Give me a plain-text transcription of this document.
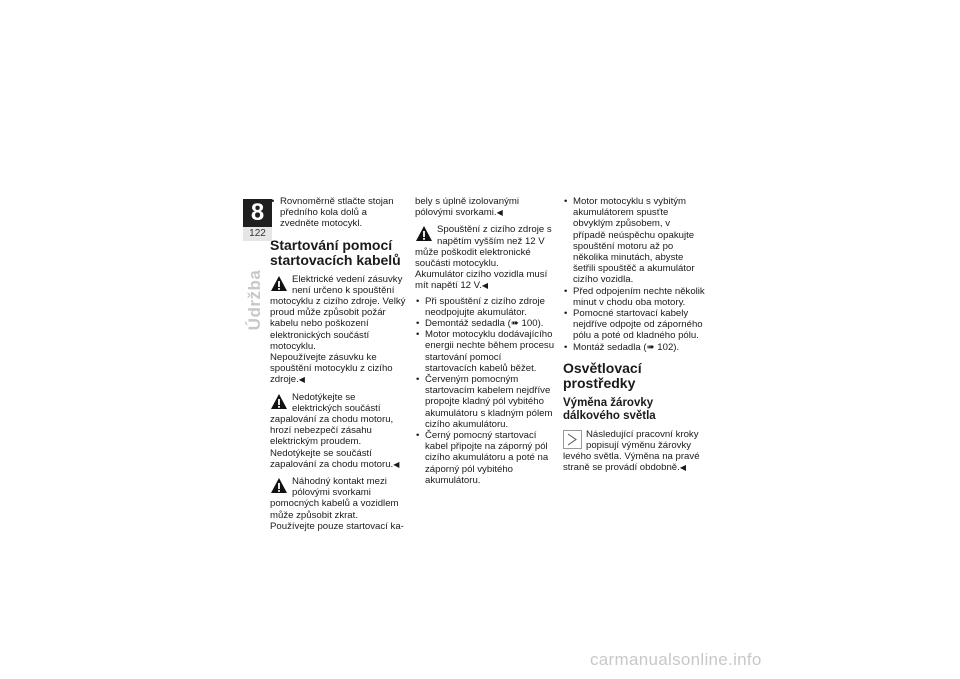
8
122
Údržba
• Rovnoměrně stlačte stojan předního kola dolů a zvedněte motocykl.
Startování pomocí startovacích kabelů

Elektrické vedení zásuvky není určeno k spouštění motocyklu z cizího zdroje. Velký proud může způsobit požár kabelu nebo poškození elektronických součástí motocyklu.

Nepoužívejte zásuvku ke spouštění motocyklu z cizího zdroje.◀

Nedotýkejte se elektrických součástí zapalování za chodu motoru, hrozí nebezpečí zásahu elektrickým proudem.

Nedotýkejte se součástí zapalování za chodu motoru.◀

Náhodný kontakt mezi pólovými svorkami pomocných kabelů a vozidlem může způsobit zkrat.

Používejte pouze startovací ka-

bely s úplně izolovanými pólovými svorkami.◀

Spouštění z cizího zdroje s napětím vyšším než 12 V může poškodit elektronické součásti motocyklu.

Akumulátor cizího vozidla musí mít napětí 12 V.◀

• Při spouštění z cizího zdroje neodpojujte akumulátor.
• Demontáž sedadla (➠ 100).
• Motor motocyklu dodávajícího energii nechte během procesu startování pomocí startovacích kabelů běžet.
• Červeným pomocným startovacím kabelem nejdříve propojte kladný pól vybitého akumulátoru s kladným pólem cizího akumulátoru.
• Černý pomocný startovací kabel připojte na záporný pól cizího akumulátoru a poté na záporný pól vybitého akumulátoru.
• Motor motocyklu s vybitým akumulátorem spusťte obvyklým způsobem, v případě neúspěchu opakujte spouštění motoru až po několika minutách, abyste šetřili spouštěč a akumulátor cizího vozidla.
• Před odpojením nechte několik minut v chodu oba motory.
• Pomocné startovací kabely nejdříve odpojte od záporného pólu a poté od kladného pólu.
• Montáž sedadla (➠ 102).
Osvětlovací prostředky
Výměna žárovky dálkového světla

Následující pracovní kroky popisují výměnu žárovky levého světla. Výměna na pravé straně se provádí obdobně.◀

carmanualsonline.info
